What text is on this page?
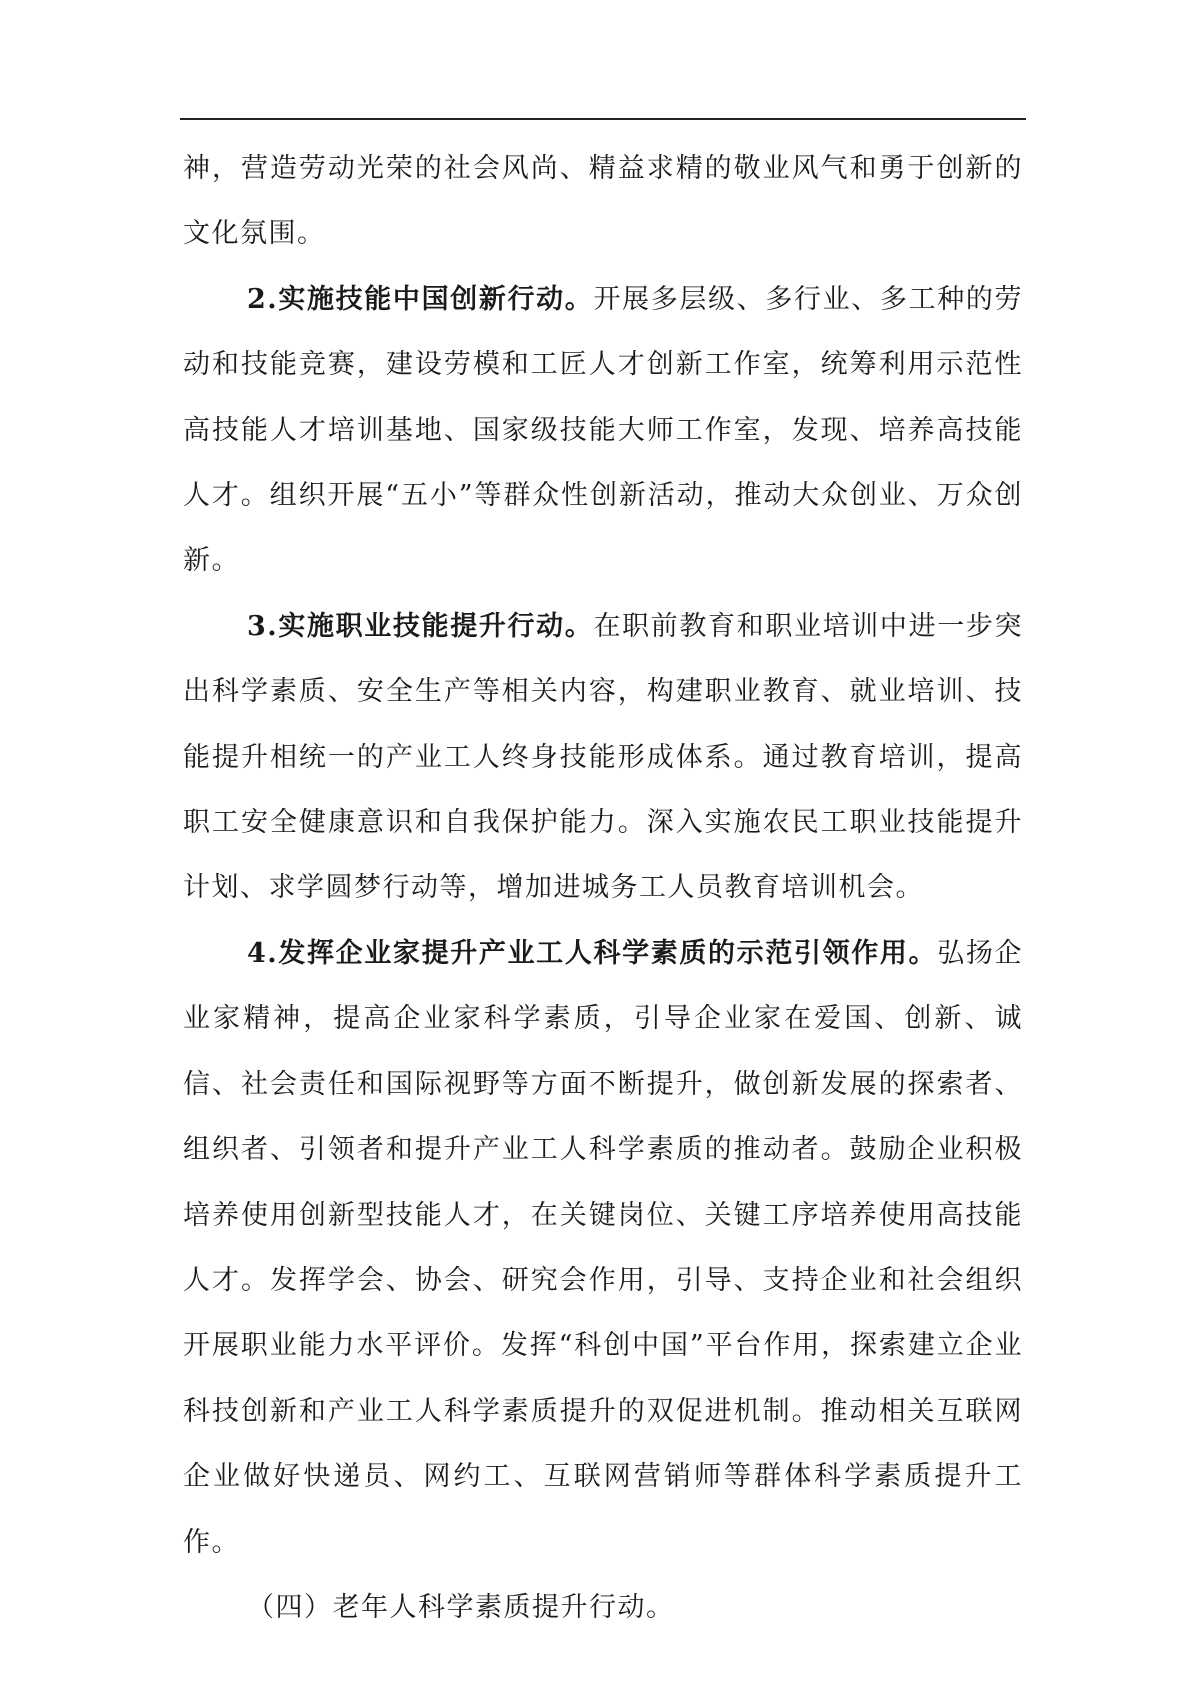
神，营造劳动光荣的社会风尚、精益求精的敬业风气和勇于创新的文化氛围。

2.实施技能中国创新行动。开展多层级、多行业、多工种的劳动和技能竞赛，建设劳模和工匠人才创新工作室，统筹利用示范性高技能人才培训基地、国家级技能大师工作室，发现、培养高技能人才。组织开展“五小”等群众性创新活动，推动大众创业、万众创新。

3.实施职业技能提升行动。在职前教育和职业培训中进一步突出科学素质、安全生产等相关内容，构建职业教育、就业培训、技能提升相统一的产业工人终身技能形成体系。通过教育培训，提高职工安全健康意识和自我保护能力。深入实施农民工职业技能提升计划、求学圆梦行动等，增加进城务工人员教育培训机会。

4.发挥企业家提升产业工人科学素质的示范引领作用。弘扬企业家精神，提高企业家科学素质，引导企业家在爱国、创新、诚信、社会责任和国际视野等方面不断提升，做创新发展的探索者、组织者、引领者和提升产业工人科学素质的推动者。鼓励企业积极培养使用创新型技能人才，在关键岗位、关键工序培养使用高技能人才。发挥学会、协会、研究会作用，引导、支持企业和社会组织开展职业能力水平评价。发挥“科创中国”平台作用，探索建立企业科技创新和产业工人科学素质提升的双促进机制。推动相关互联网企业做好快递员、网约工、互联网营销师等群体科学素质提升工作。

（四）老年人科学素质提升行动。
